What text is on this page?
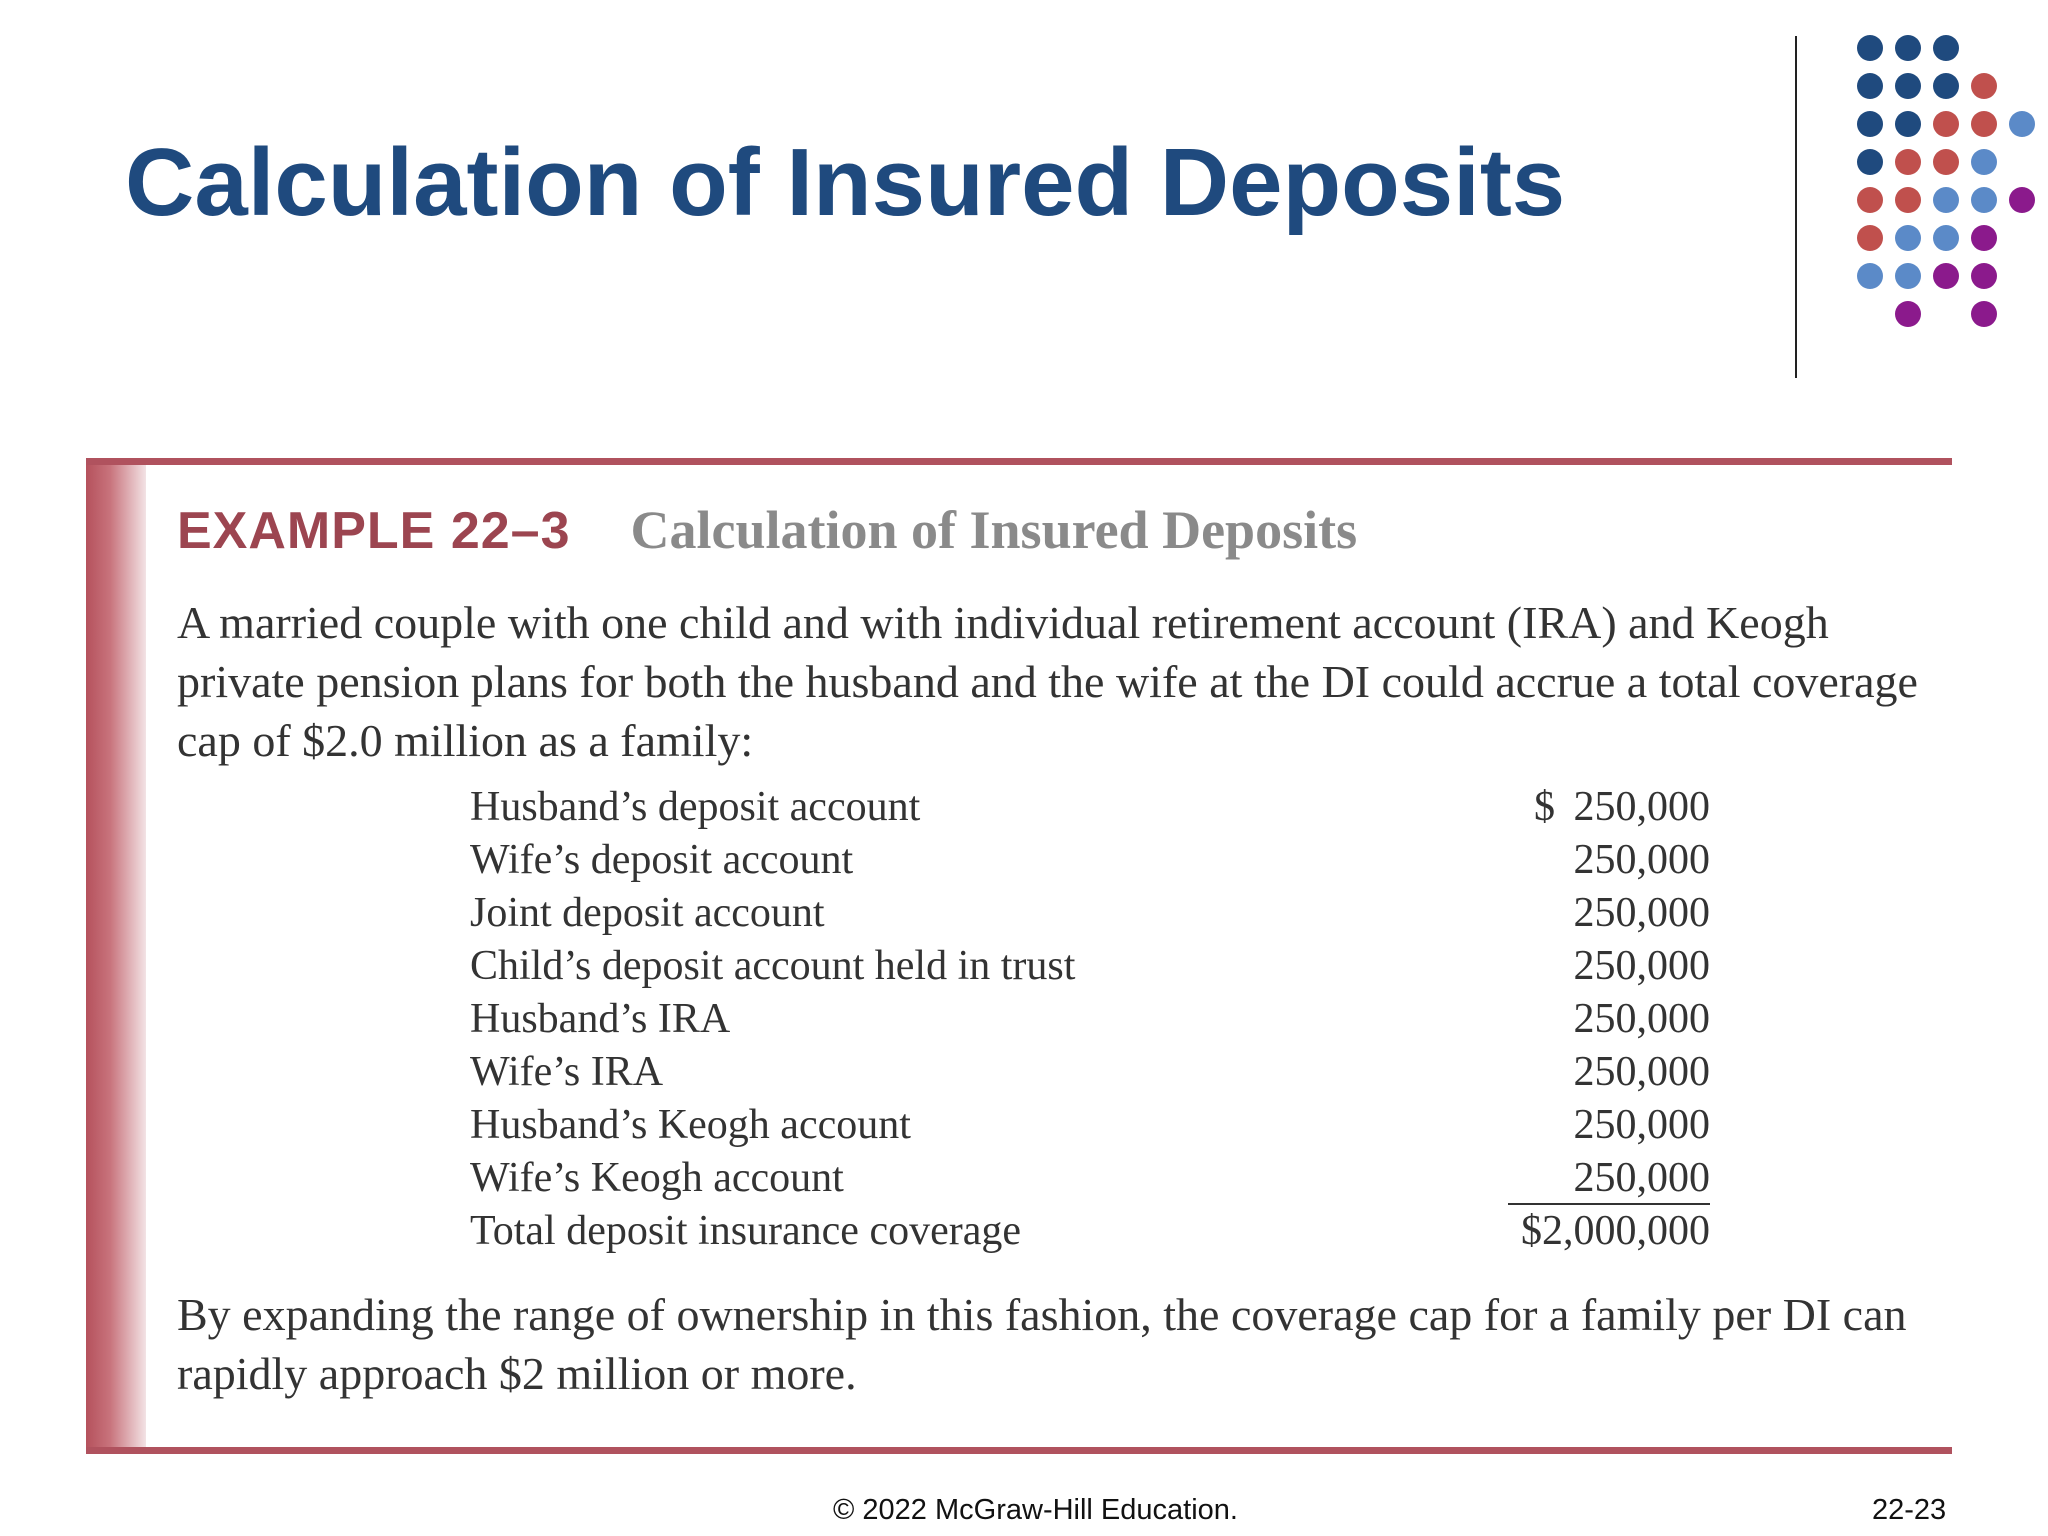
Calculation of Insured Deposits
EXAMPLE 22–3 Calculation of Insured Deposits

A married couple with one child and with individual retirement account (IRA) and Keogh private pension plans for both the husband and the wife at the DI could accrue a total coverage cap of $2.0 million as a family:

Husband’s deposit account	$ 250,000
Wife’s deposit account	250,000
Joint deposit account	250,000
Child’s deposit account held in trust	250,000
Husband’s IRA	250,000
Wife’s IRA	250,000
Husband’s Keogh account	250,000
Wife’s Keogh account	250,000
Total deposit insurance coverage	$2,000,000

By expanding the range of ownership in this fashion, the coverage cap for a family per DI can rapidly approach $2 million or more.

© 2022 McGraw-Hill Education.	22-23
